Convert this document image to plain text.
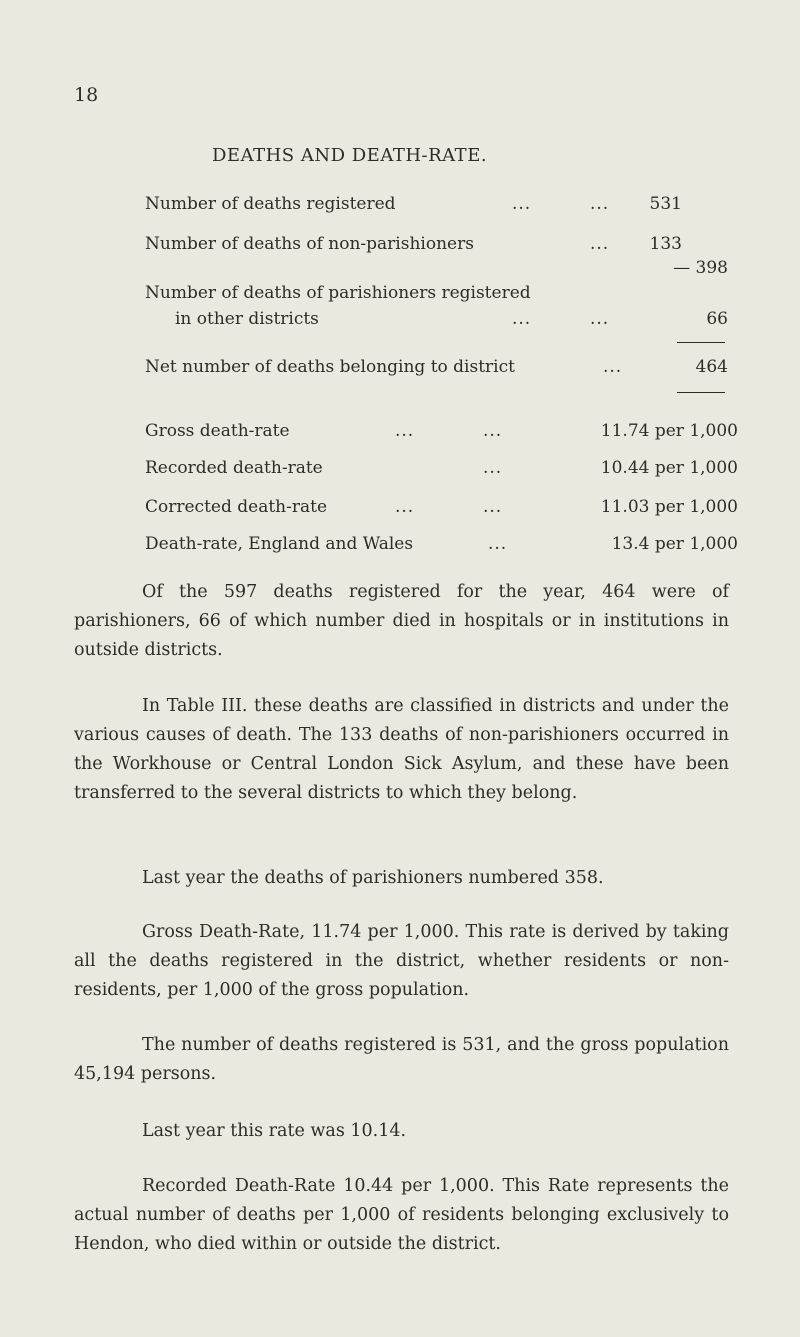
18
DEATHS AND DEATH-RATE.
Number of deaths registered	...	... 531
Number of deaths of non-parishioners	... 133
— 398
Number of deaths of parishioners registered
in other districts	...	...	66
Net number of deaths belonging to district	...	464
Gross death-rate	...	...	11.74 per 1,000
Recorded death-rate	...	10.44 per 1,000
Corrected death-rate	...	...	11.03 per 1,000
Death-rate, England and Wales	...	13.4 per 1,000
Of the 597 deaths registered for the year, 464 were of parishioners, 66 of which number died in hospitals or in institutions in outside districts.
In Table III. these deaths are classified in districts and under the various causes of death. The 133 deaths of non-parishioners occurred in the Workhouse or Central London Sick Asylum, and these have been transferred to the several districts to which they belong.
Last year the deaths of parishioners numbered 358.
Gross Death-Rate, 11.74 per 1,000. This rate is derived by taking all the deaths registered in the district, whether residents or non-residents, per 1,000 of the gross population.
The number of deaths registered is 531, and the gross population 45,194 persons.
Last year this rate was 10.14.
Recorded Death-Rate 10.44 per 1,000. This Rate represents the actual number of deaths per 1,000 of residents belonging exclusively to Hendon, who died within or outside the district.
